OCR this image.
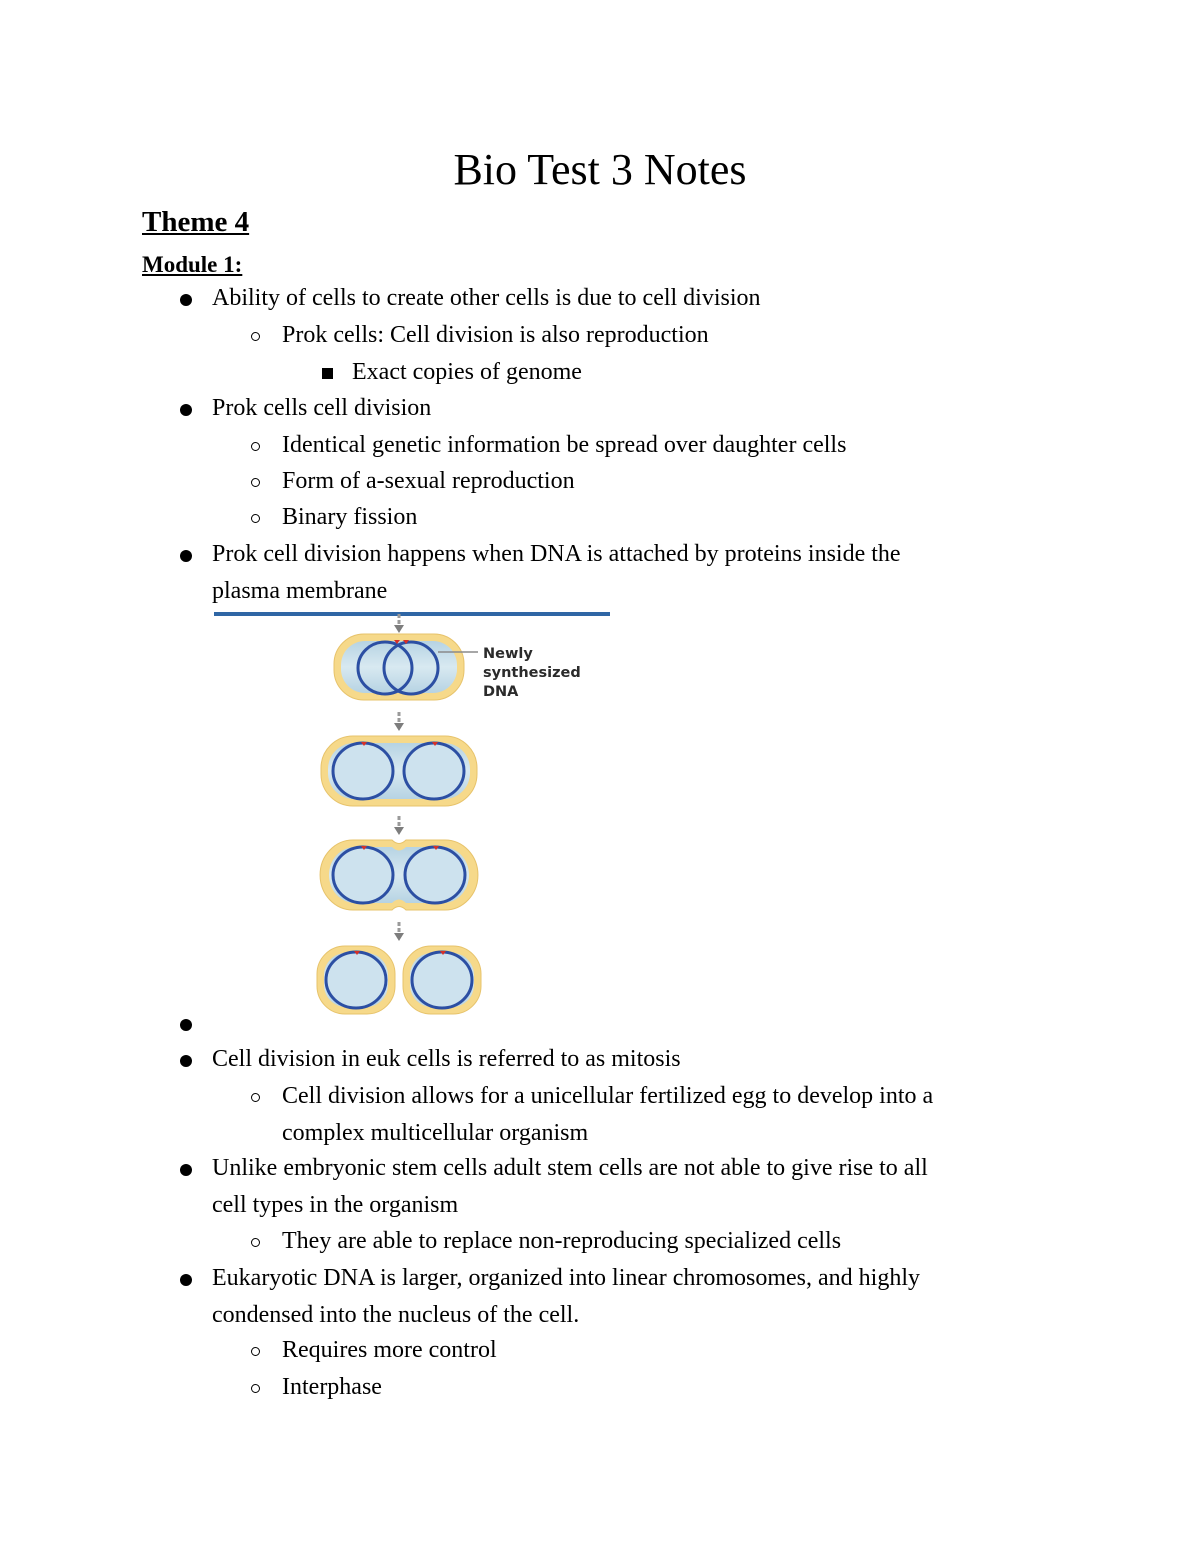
Bio Test 3 Notes
Theme 4
Module 1:
Ability of cells to create other cells is due to cell division
Prok cells: Cell division is also reproduction
Exact copies of genome
Prok cells cell division
Identical genetic information be spread over daughter cells
Form of a-sexual reproduction
Binary fission
Prok cell division happens when DNA is attached by proteins inside the
plasma membrane
Newly
synthesized
DNA
Cell division in euk cells is referred to as mitosis
Cell division allows for a unicellular fertilized egg to develop into a
complex multicellular organism
Unlike embryonic stem cells adult stem cells are not able to give rise to all
cell types in the organism
They are able to replace non-reproducing specialized cells
Eukaryotic DNA is larger, organized into linear chromosomes, and highly
condensed into the nucleus of the cell.
Requires more control
Interphase
